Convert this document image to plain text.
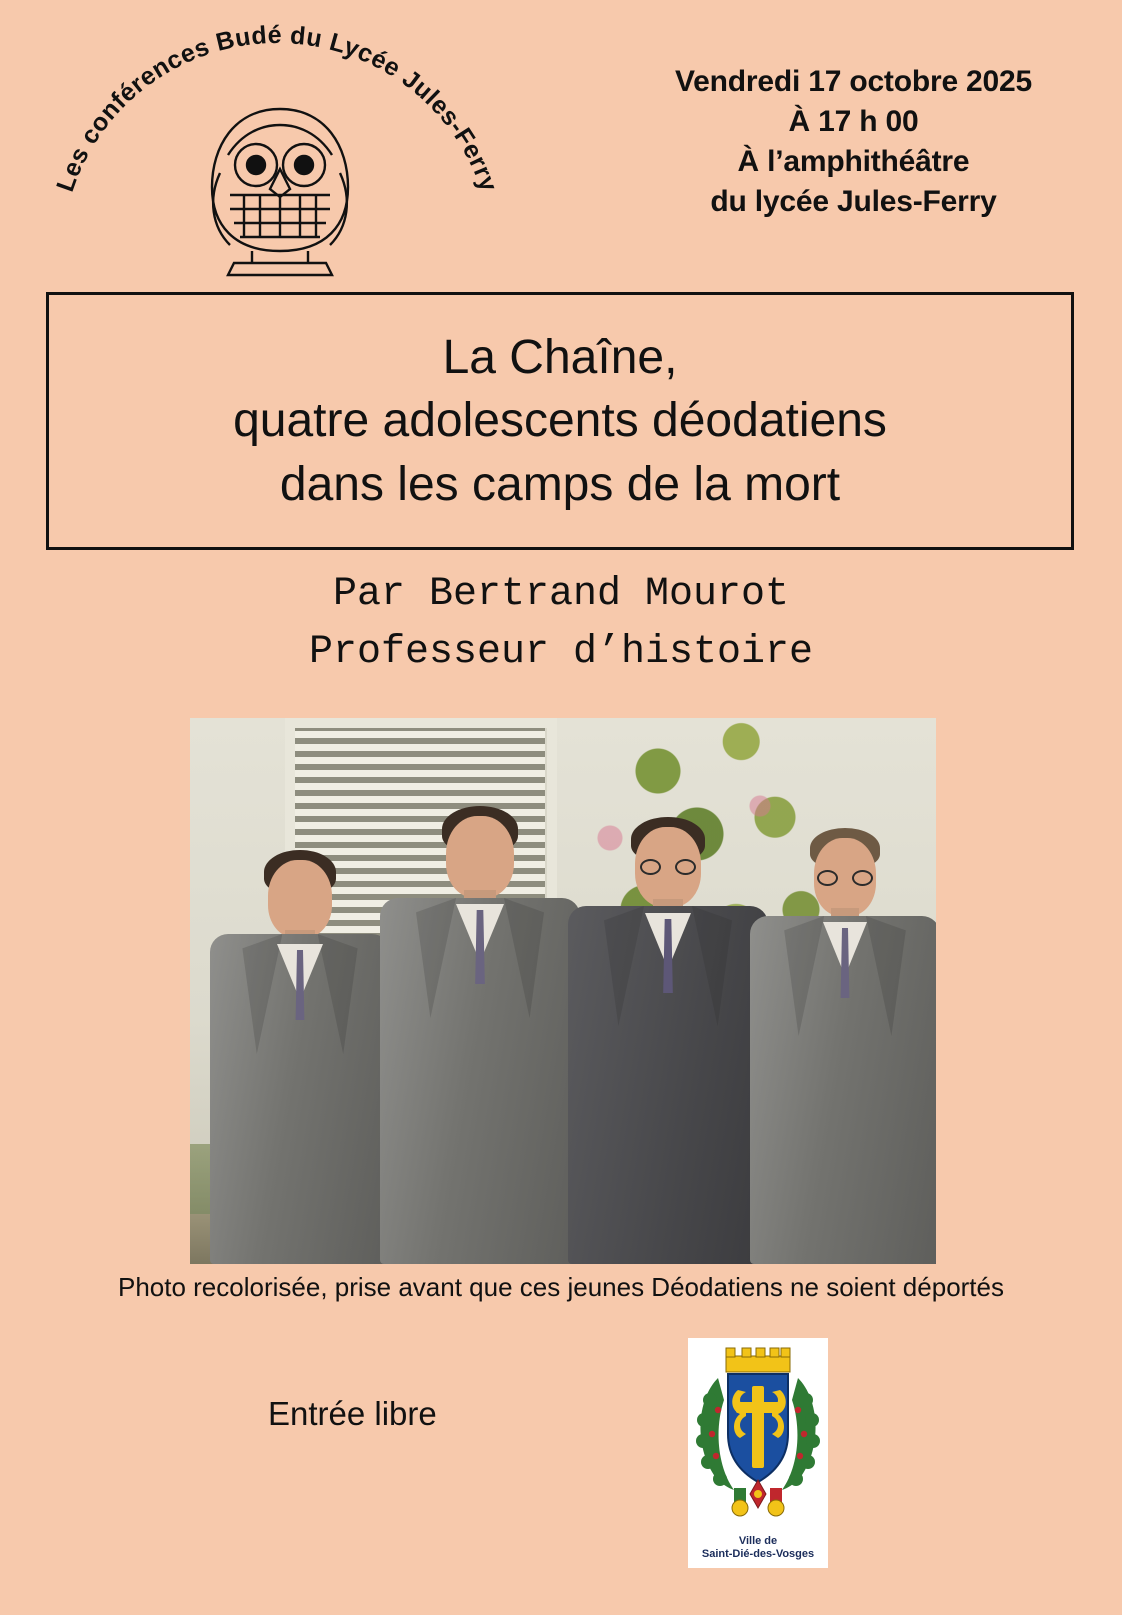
Les conférences Budé du Lycée Jules-Ferry
Vendredi 17 octobre 2025
À 17 h 00
À l’amphithéâtre
du lycée Jules-Ferry
La Chaîne,
quatre adolescents déodatiens
dans les camps de la mort
Par Bertrand Mourot
Professeur d’histoire
Photo recolorisée, prise avant que ces jeunes Déodatiens ne soient déportés
Entrée libre
Ville de
Saint-Dié-des-Vosges
